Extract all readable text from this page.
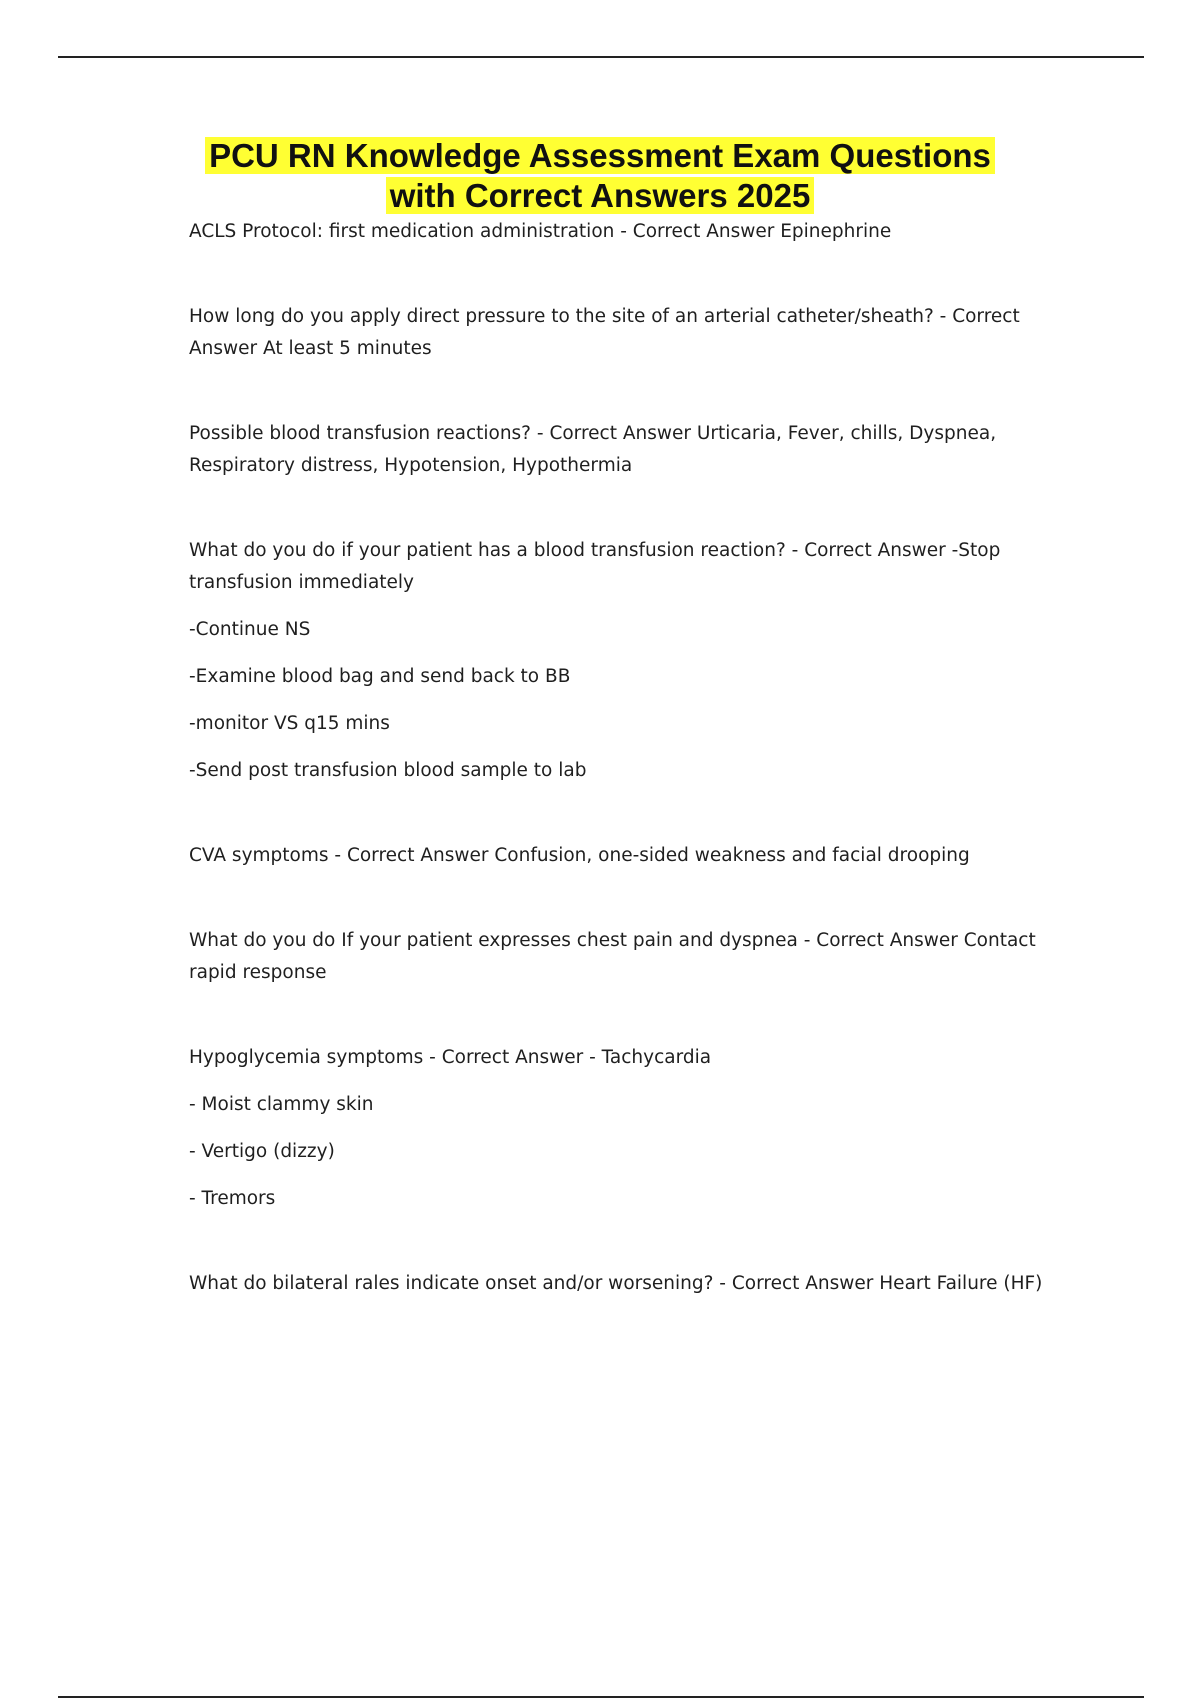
PCU RN Knowledge Assessment Exam Questions
with Correct Answers 2025

ACLS Protocol: first medication administration - Correct Answer Epinephrine

How long do you apply direct pressure to the site of an arterial catheter/sheath? - Correct Answer At least 5 minutes

Possible blood transfusion reactions? - Correct Answer Urticaria, Fever, chills, Dyspnea, Respiratory distress, Hypotension, Hypothermia

What do you do if your patient has a blood transfusion reaction? - Correct Answer -Stop transfusion immediately

-Continue NS

-Examine blood bag and send back to BB

-monitor VS q15 mins

-Send post transfusion blood sample to lab

CVA symptoms - Correct Answer Confusion, one-sided weakness and facial drooping

What do you do If your patient expresses chest pain and dyspnea - Correct Answer Contact rapid response

Hypoglycemia symptoms - Correct Answer - Tachycardia

- Moist clammy skin

- Vertigo (dizzy)

- Tremors

What do bilateral rales indicate onset and/or worsening? - Correct Answer Heart Failure (HF)
